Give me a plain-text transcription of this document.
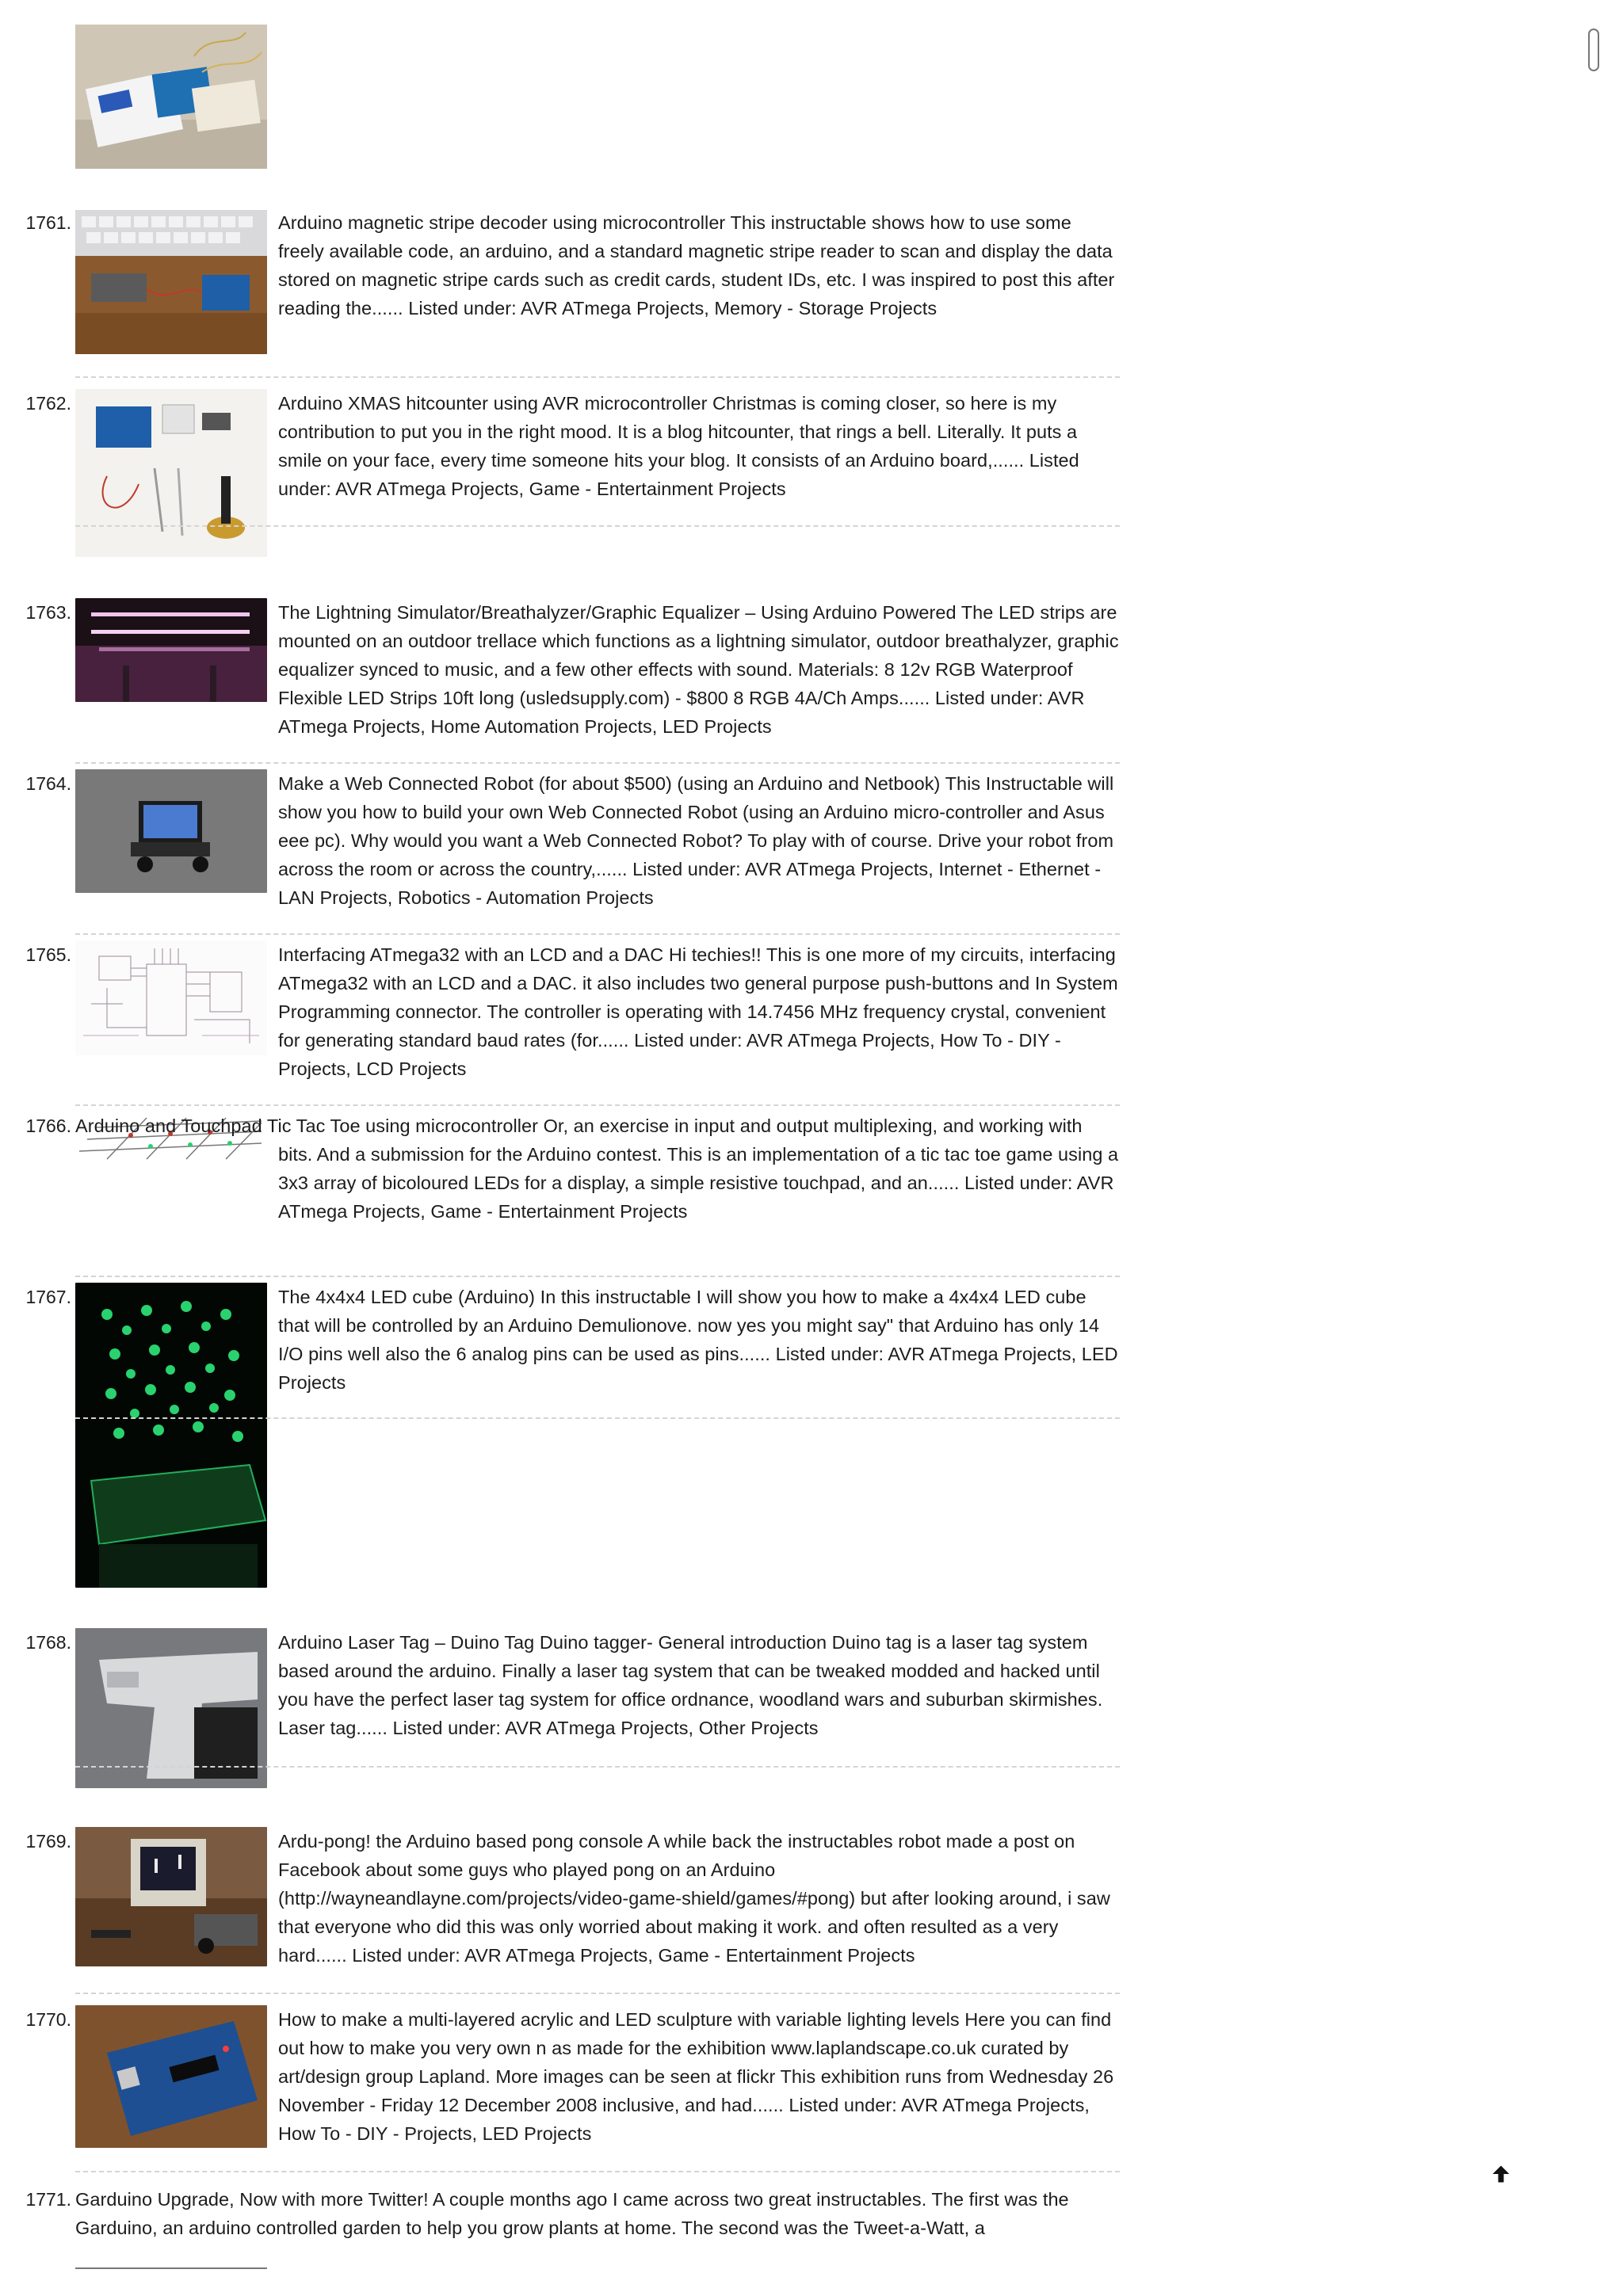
1761.	Arduino magnetic stripe decoder using microcontroller This instructable shows how to use some freely available code, an arduino, and a standard magnetic stripe reader to scan and display the data stored on magnetic stripe cards such as credit cards, student IDs, etc. I was inspired to post this after reading the...... Listed under: AVR ATmega Projects, Memory - Storage Projects
1762.	Arduino XMAS hitcounter using AVR microcontroller Christmas is coming closer, so here is my contribution to put you in the right mood. It is a blog hitcounter, that rings a bell. Literally. It puts a smile on your face, every time someone hits your blog. It consists of an Arduino board,...... Listed under: AVR ATmega Projects, Game - Entertainment Projects
1763.	The Lightning Simulator/Breathalyzer/Graphic Equalizer – Using Arduino Powered The LED strips are mounted on an outdoor trellace which functions as a lightning simulator, outdoor breathalyzer, graphic equalizer synced to music, and a few other effects with sound. Materials: 8 12v RGB Waterproof Flexible LED Strips 10ft long (usledsupply.com) - $800 8 RGB 4A/Ch Amps...... Listed under: AVR ATmega Projects, Home Automation Projects, LED Projects
1764.	Make a Web Connected Robot (for about $500) (using an Arduino and Netbook) This Instructable will show you how to build your own Web Connected Robot (using an Arduino micro-controller and Asus eee pc). Why would you want a Web Connected Robot? To play with of course. Drive your robot from across the room or across the country,...... Listed under: AVR ATmega Projects, Internet - Ethernet - LAN Projects, Robotics - Automation Projects
1765.	Interfacing ATmega32 with an LCD and a DAC Hi techies!! This is one more of my circuits, interfacing ATmega32 with an LCD and a DAC. it also includes two general purpose push-buttons and In System Programming connector. The controller is operating with 14.7456 MHz frequency crystal, convenient for generating standard baud rates (for...... Listed under: AVR ATmega Projects, How To - DIY - Projects, LCD Projects
1766. Arduino and Touchpad Tic Tac Toe using microcontroller Or, an exercise in input and output multiplexing, and working with bits. And a submission for the Arduino contest. This is an implementation of a tic tac toe game using a 3x3 array of bicoloured LEDs for a display, a simple resistive touchpad, and an...... Listed under: AVR ATmega Projects, Game - Entertainment Projects
1767.	The 4x4x4 LED cube (Arduino) In this instructable I will show you how to make a 4x4x4 LED cube that will be controlled by an Arduino Demulionove. now yes you might say" that Arduino has only 14 I/O pins well also the 6 analog pins can be used as pins...... Listed under: AVR ATmega Projects, LED Projects
1768.	Arduino Laser Tag – Duino Tag Duino tagger- General introduction Duino tag is a laser tag system based around the arduino. Finally a laser tag system that can be tweaked modded and hacked until you have the perfect laser tag system for office ordnance, woodland wars and suburban skirmishes. Laser tag...... Listed under: AVR ATmega Projects, Other Projects
1769.	Ardu-pong! the Arduino based pong console A while back the instructables robot made a post on Facebook about some guys who played pong on an Arduino (http://wayneandlayne.com/projects/video-game-shield/games/#pong) but after looking around, i saw that everyone who did this was only worried about making it work. and often resulted as a very hard...... Listed under: AVR ATmega Projects, Game - Entertainment Projects
1770.	How to make a multi-layered acrylic and LED sculpture with variable lighting levels Here you can find out how to make you very own n as made for the exhibition www.laplandscape.co.uk curated by art/design group Lapland. More images can be seen at flickr This exhibition runs from Wednesday 26 November - Friday 12 December 2008 inclusive, and had...... Listed under: AVR ATmega Projects, How To - DIY - Projects, LED Projects
1771. Garduino Upgrade, Now with more Twitter! A couple months ago I came across two great instructables. The first was the Garduino, an arduino controlled garden to help you grow plants at home. The second was the Tweet-a-Watt, a
